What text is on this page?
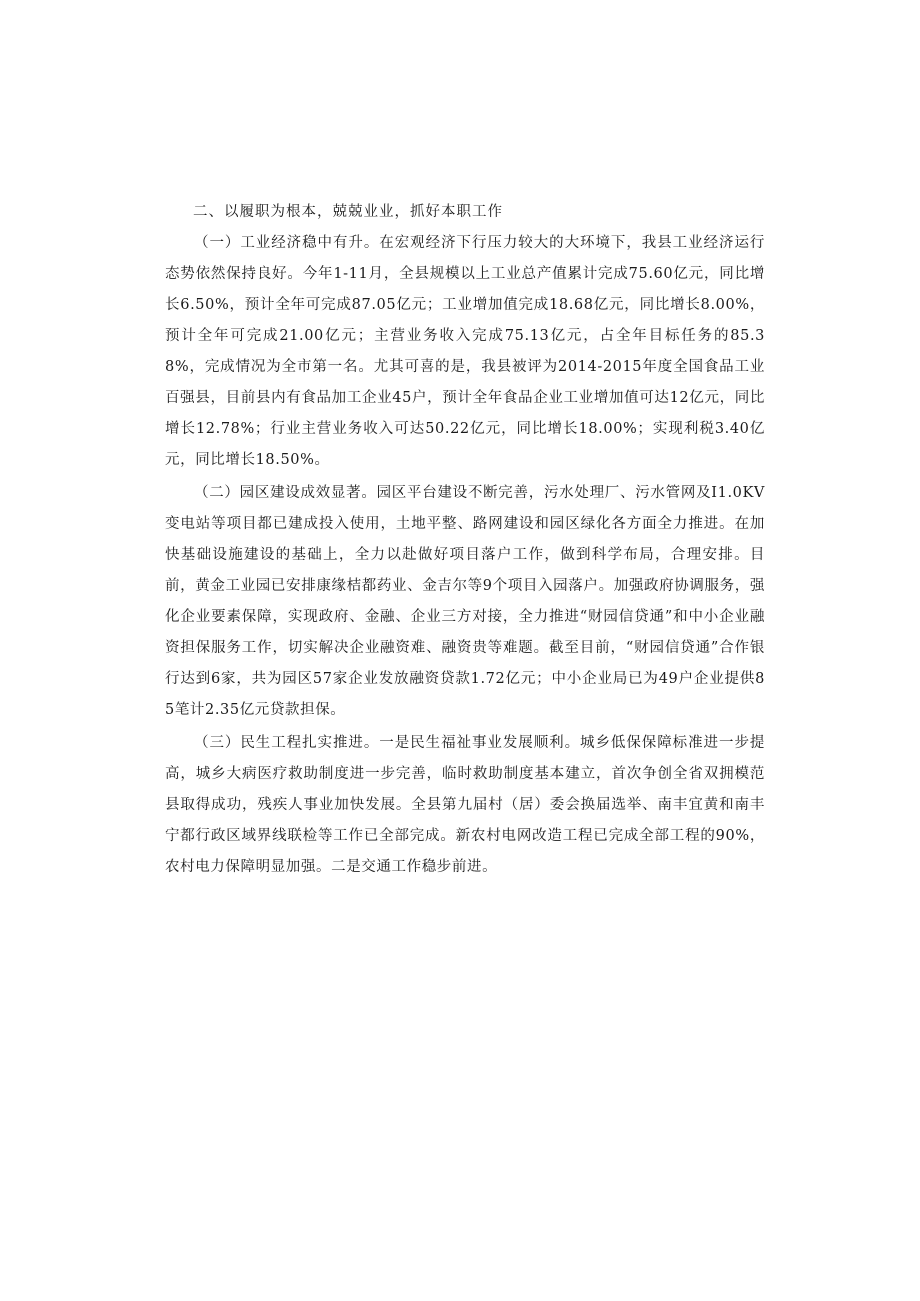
二、以履职为根本，兢兢业业，抓好本职工作

（一）工业经济稳中有升。在宏观经济下行压力较大的大环境下，我县工业经济运行态势依然保持良好。今年1-11月，全县规模以上工业总产值累计完成75.60亿元，同比增长6.50%，预计全年可完成87.05亿元；工业增加值完成18.68亿元，同比增长8.00%，预计全年可完成21.00亿元；主营业务收入完成75.13亿元，占全年目标任务的85.38%，完成情况为全市第一名。尤其可喜的是，我县被评为2014-2015年度全国食品工业百强县，目前县内有食品加工企业45户，预计全年食品企业工业增加值可达12亿元，同比增长12.78%；行业主营业务收入可达50.22亿元，同比增长18.00%；实现利税3.40亿元，同比增长18.50%。

（二）园区建设成效显著。园区平台建设不断完善，污水处理厂、污水管网及I1.0KV变电站等项目都已建成投入使用，土地平整、路网建设和园区绿化各方面全力推进。在加快基础设施建设的基础上，全力以赴做好项目落户工作，做到科学布局，合理安排。目前，黄金工业园已安排康缘桔都药业、金吉尔等9个项目入园落户。加强政府协调服务，强化企业要素保障，实现政府、金融、企业三方对接，全力推进“财园信贷通”和中小企业融资担保服务工作，切实解决企业融资难、融资贵等难题。截至目前，“财园信贷通”合作银行达到6家，共为园区57家企业发放融资贷款1.72亿元；中小企业局已为49户企业提供85笔计2.35亿元贷款担保。

（三）民生工程扎实推进。一是民生福祉事业发展顺利。城乡低保保障标准进一步提高，城乡大病医疗救助制度进一步完善，临时救助制度基本建立，首次争创全省双拥模范县取得成功，残疾人事业加快发展。全县第九届村（居）委会换届选举、南丰宜黄和南丰宁都行政区域界线联检等工作已全部完成。新农村电网改造工程已完成全部工程的90%，农村电力保障明显加强。二是交通工作稳步前进。
